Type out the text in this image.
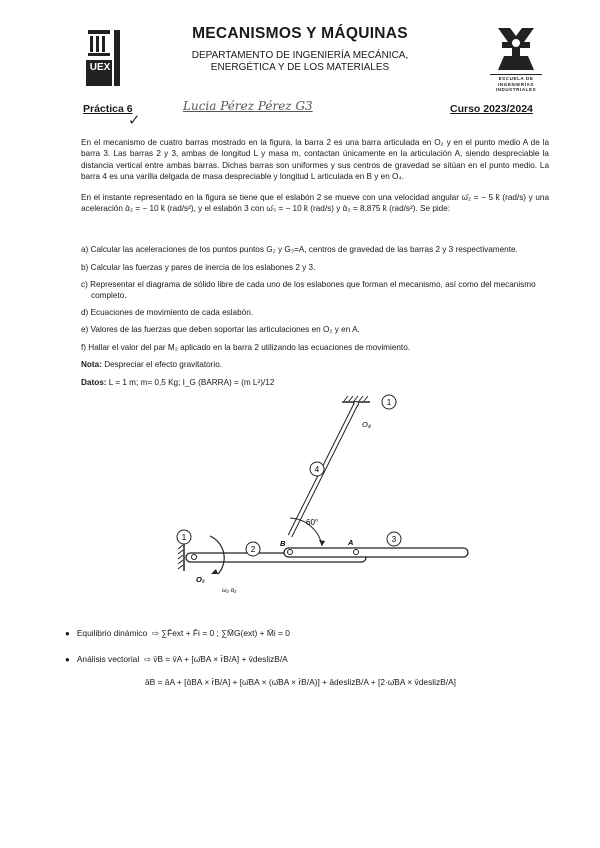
UEX
MECANISMOS Y MÁQUINAS
DEPARTAMENTO DE INGENIERÍA MECÁNICA,
ENERGÉTICA Y DE LOS MATERIALES
ESCUELA DE INGENIERÍAS INDUSTRIALES
Práctica 6	Lucia Pérez Pérez G3	Curso 2023/2024
✓
En el mecanismo de cuatro barras mostrado en la figura, la barra 2 es una barra articulada en O₂ y en el punto medio A de la barra 3. Las barras 2 y 3, ambas de longitud L y masa m, contactan únicamente en la articulación A, siendo despreciable la distancia vertical entre ambas barras. Dichas barras son uniformes y sus centros de gravedad se sitúan en el punto medio. La barra 4 es una varilla delgada de masa despreciable y longitud L articulada en B y en O₄.
En el instante representado en la figura se tiene que el eslabón 2 se mueve con una velocidad angular ω̄₂ = − 5 k̄ (rad/s) y una aceleración ᾱ₂ = − 10 k̄ (rad/s²), y el eslabón 3 con ω̄₃ = − 10 k̄ (rad/s) y ᾱ₃ = 8,875 k̄ (rad/s²). Se pide:
a) Calcular las aceleraciones de los puntos puntos G₂ y G₃=A, centros de gravedad de las barras 2 y 3 respectivamente.
b) Calcular las fuerzas y pares de inercia de los eslabones 2 y 3.
c) Representar el diagrama de sólido libre de cada uno de los eslabones que forman el mecanismo, así como del mecanismo completo.
d) Ecuaciones de movimiento de cada eslabón.
e) Valores de las fuerzas que deben soportar las articulaciones en O₂ y en A.
f) Hallar el valor del par M₂ aplicado en la barra 2 utilizando las ecuaciones de movimiento.
Nota: Despreciar el efecto gravitatorio.
Datos: L = 1 m; m= 0,5 Kg; I_G (BARRA) = (m L²)/12
1
4
1
2
3
O₄
60°
B	A
O₂
ω₂ α₂
● Equilibrio dinámico ⇨ ∑F̄ext + F̄i = 0 ; ∑M̄G(ext) + M̄i = 0
● Análisis vectorial ⇨ v̄B = v̄A + [ω̄BA × r̄B/A] + v̄deslizB/A
āB = āA + [ᾱBA × r̄B/A] + [ω̄BA × (ω̄BA × r̄B/A)] + ādeslizB/A + [2·ω̄BA × v̄deslizB/A]
